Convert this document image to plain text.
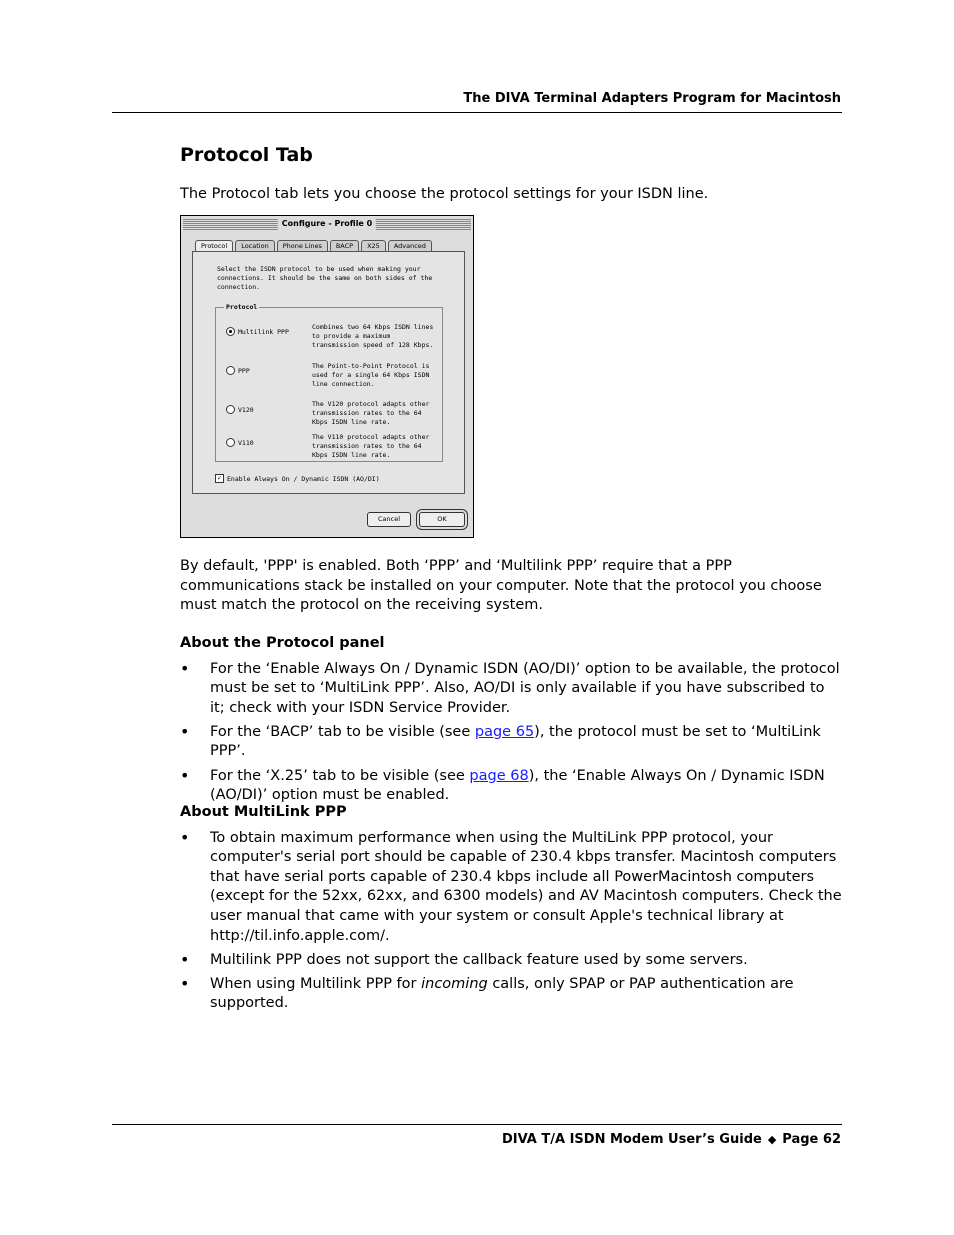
The DIVA Terminal Adapters Program for Macintosh
Protocol Tab

The Protocol tab lets you choose the protocol settings for your ISDN line.

Configure - Profile 0
Protocol	Location	Phone Lines	BACP	X25	Advanced
Select the ISDN protocol to be used when making your connections. It should be the same on both sides of the connection.
Protocol
Multilink PPP
Combines two 64 Kbps ISDN lines to provide a maximum transmission speed of 128 Kbps.
PPP
The Point-to-Point Protocol is used for a single 64 Kbps ISDN line connection.
V120
The V120 protocol adapts other transmission rates to the 64 Kbps ISDN line rate.
V110
The V110 protocol adapts other transmission rates to the 64 Kbps ISDN line rate.
✓ Enable Always On / Dynamic ISDN (AO/DI)
Cancel	OK

By default, 'PPP' is enabled. Both ‘PPP’ and ‘Multilink PPP’ require that a PPP communications stack be installed on your computer. Note that the protocol you choose must match the protocol on the receiving system.

About the Protocol panel
• For the ‘Enable Always On / Dynamic ISDN (AO/DI)’ option to be available, the protocol must be set to ‘MultiLink PPP’. Also, AO/DI is only available if you have subscribed to it; check with your ISDN Service Provider.
• For the ‘BACP’ tab to be visible (see page 65), the protocol must be set to ‘MultiLink PPP’.
• For the ‘X.25’ tab to be visible (see page 68), the ‘Enable Always On / Dynamic ISDN (AO/DI)’ option must be enabled.
About MultiLink PPP
• To obtain maximum performance when using the MultiLink PPP protocol, your computer's serial port should be capable of 230.4 kbps transfer. Macintosh computers that have serial ports capable of 230.4 kbps include all PowerMacintosh computers (except for the 52xx, 62xx, and 6300 models) and AV Macintosh computers. Check the user manual that came with your system or consult Apple's technical library at http://til.info.apple.com/.
• Multilink PPP does not support the callback feature used by some servers.
• When using Multilink PPP for incoming calls, only SPAP or PAP authentication are supported.
DIVA T/A ISDN Modem User’s Guide ◆ Page 62
